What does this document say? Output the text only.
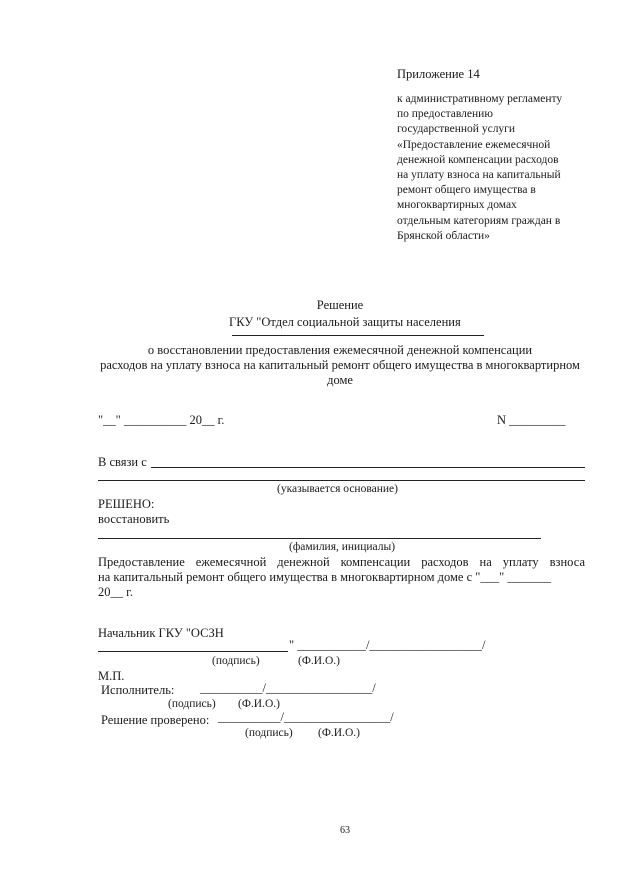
Приложение 14
к административному регламенту
по предоставлению
государственной услуги
«Предоставление ежемесячной
денежной компенсации расходов
на уплату взноса на капитальный
ремонт общего имущества в
многоквартирных домах
отдельным категориям граждан в
Брянской области»
Решение
ГКУ "Отдел социальной защиты населения
о восстановлении предоставления ежемесячной денежной компенсации
расходов на уплату взноса на капитальный ремонт общего имущества в многоквартирном
доме
"__" __________ 20__ г.	N _________
В связи с
(указывается основание)
РЕШЕНО:
восстановить
(фамилия, инициалы)
Предоставление ежемесячной денежной компенсации расходов на уплату взноса
на капитальный ремонт общего имущества в многоквартирном доме с "___" _______
20__ г.
Начальник ГКУ "ОСЗН
" ___________/__________________/
(подпись)	(Ф.И.О.)
М.П.
Исполнитель: __________/_________________/
(подпись) (Ф.И.О.)
Решение проверено: __________/_________________/
(подпись) (Ф.И.О.)
63
